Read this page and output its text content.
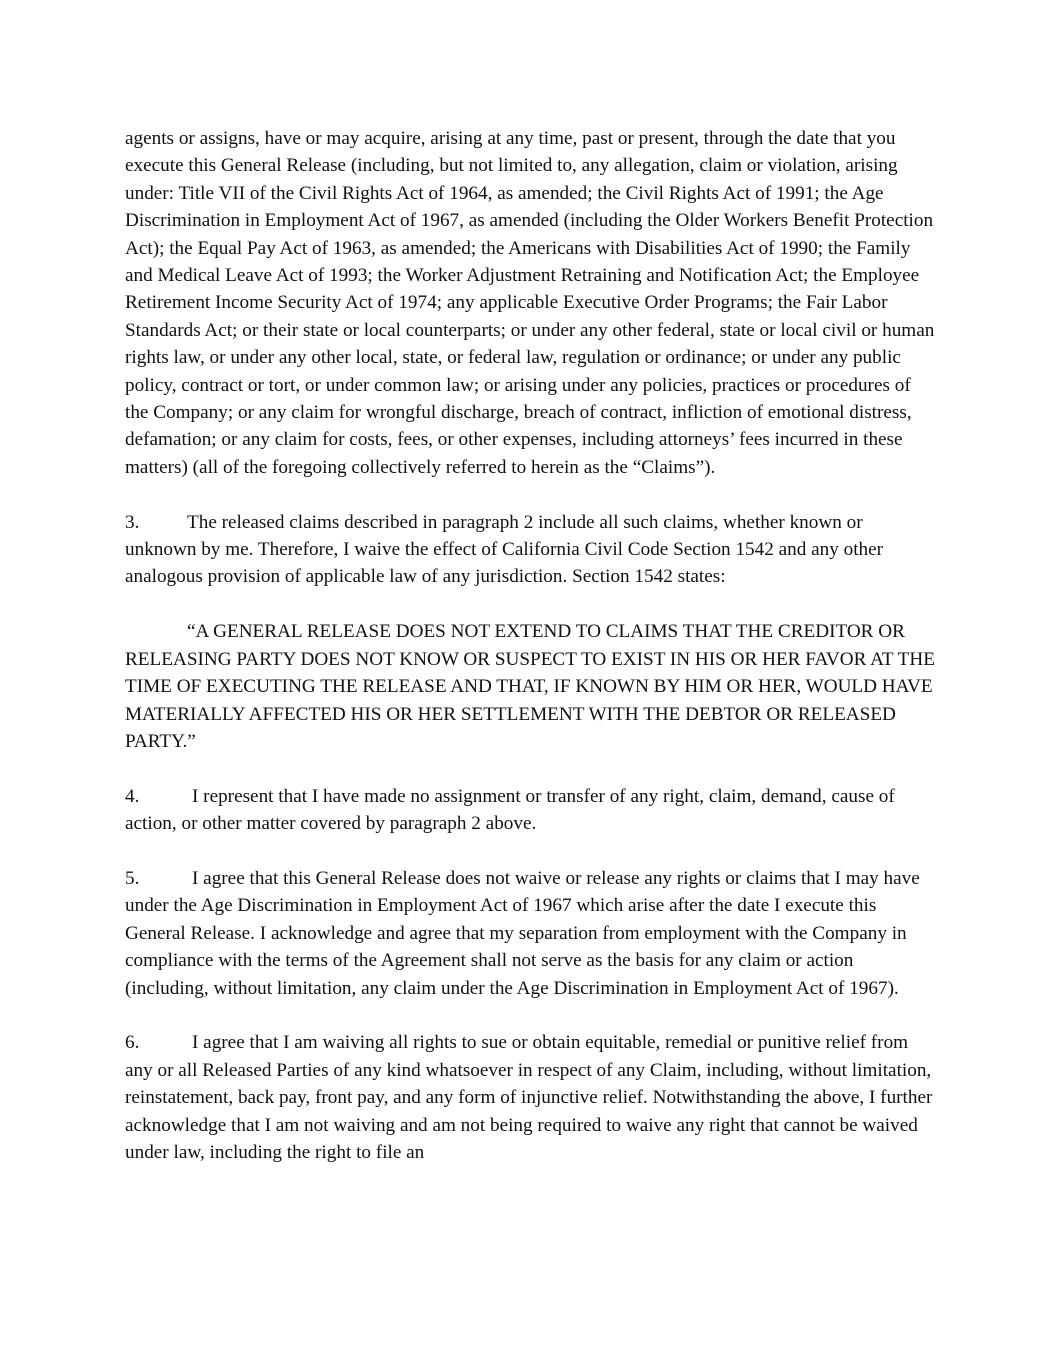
agents or assigns, have or may acquire, arising at any time, past or present, through the date that you execute this General Release (including, but not limited to, any allegation, claim or violation, arising under: Title VII of the Civil Rights Act of 1964, as amended; the Civil Rights Act of 1991; the Age Discrimination in Employment Act of 1967, as amended (including the Older Workers Benefit Protection Act); the Equal Pay Act of 1963, as amended; the Americans with Disabilities Act of 1990; the Family and Medical Leave Act of 1993; the Worker Adjustment Retraining and Notification Act; the Employee Retirement Income Security Act of 1974; any applicable Executive Order Programs; the Fair Labor Standards Act; or their state or local counterparts; or under any other federal, state or local civil or human rights law, or under any other local, state, or federal law, regulation or ordinance; or under any public policy, contract or tort, or under common law; or arising under any policies, practices or procedures of the Company; or any claim for wrongful discharge, breach of contract, infliction of emotional distress, defamation; or any claim for costs, fees, or other expenses, including attorneys’ fees incurred in these matters) (all of the foregoing collectively referred to herein as the “Claims”).

3. The released claims described in paragraph 2 include all such claims, whether known or unknown by me. Therefore, I waive the effect of California Civil Code Section 1542 and any other analogous provision of applicable law of any jurisdiction. Section 1542 states:

“A GENERAL RELEASE DOES NOT EXTEND TO CLAIMS THAT THE CREDITOR OR RELEASING PARTY DOES NOT KNOW OR SUSPECT TO EXIST IN HIS OR HER FAVOR AT THE TIME OF EXECUTING THE RELEASE AND THAT, IF KNOWN BY HIM OR HER, WOULD HAVE MATERIALLY AFFECTED HIS OR HER SETTLEMENT WITH THE DEBTOR OR RELEASED PARTY.”

4.	I represent that I have made no assignment or transfer of any right, claim, demand, cause of action, or other matter covered by paragraph 2 above.

5.	I agree that this General Release does not waive or release any rights or claims that I may have under the Age Discrimination in Employment Act of 1967 which arise after the date I execute this General Release. I acknowledge and agree that my separation from employment with the Company in compliance with the terms of the Agreement shall not serve as the basis for any claim or action (including, without limitation, any claim under the Age Discrimination in Employment Act of 1967).

6.	I agree that I am waiving all rights to sue or obtain equitable, remedial or punitive relief from any or all Released Parties of any kind whatsoever in respect of any Claim, including, without limitation, reinstatement, back pay, front pay, and any form of injunctive relief. Notwithstanding the above, I further acknowledge that I am not waiving and am not being required to waive any right that cannot be waived under law, including the right to file an
